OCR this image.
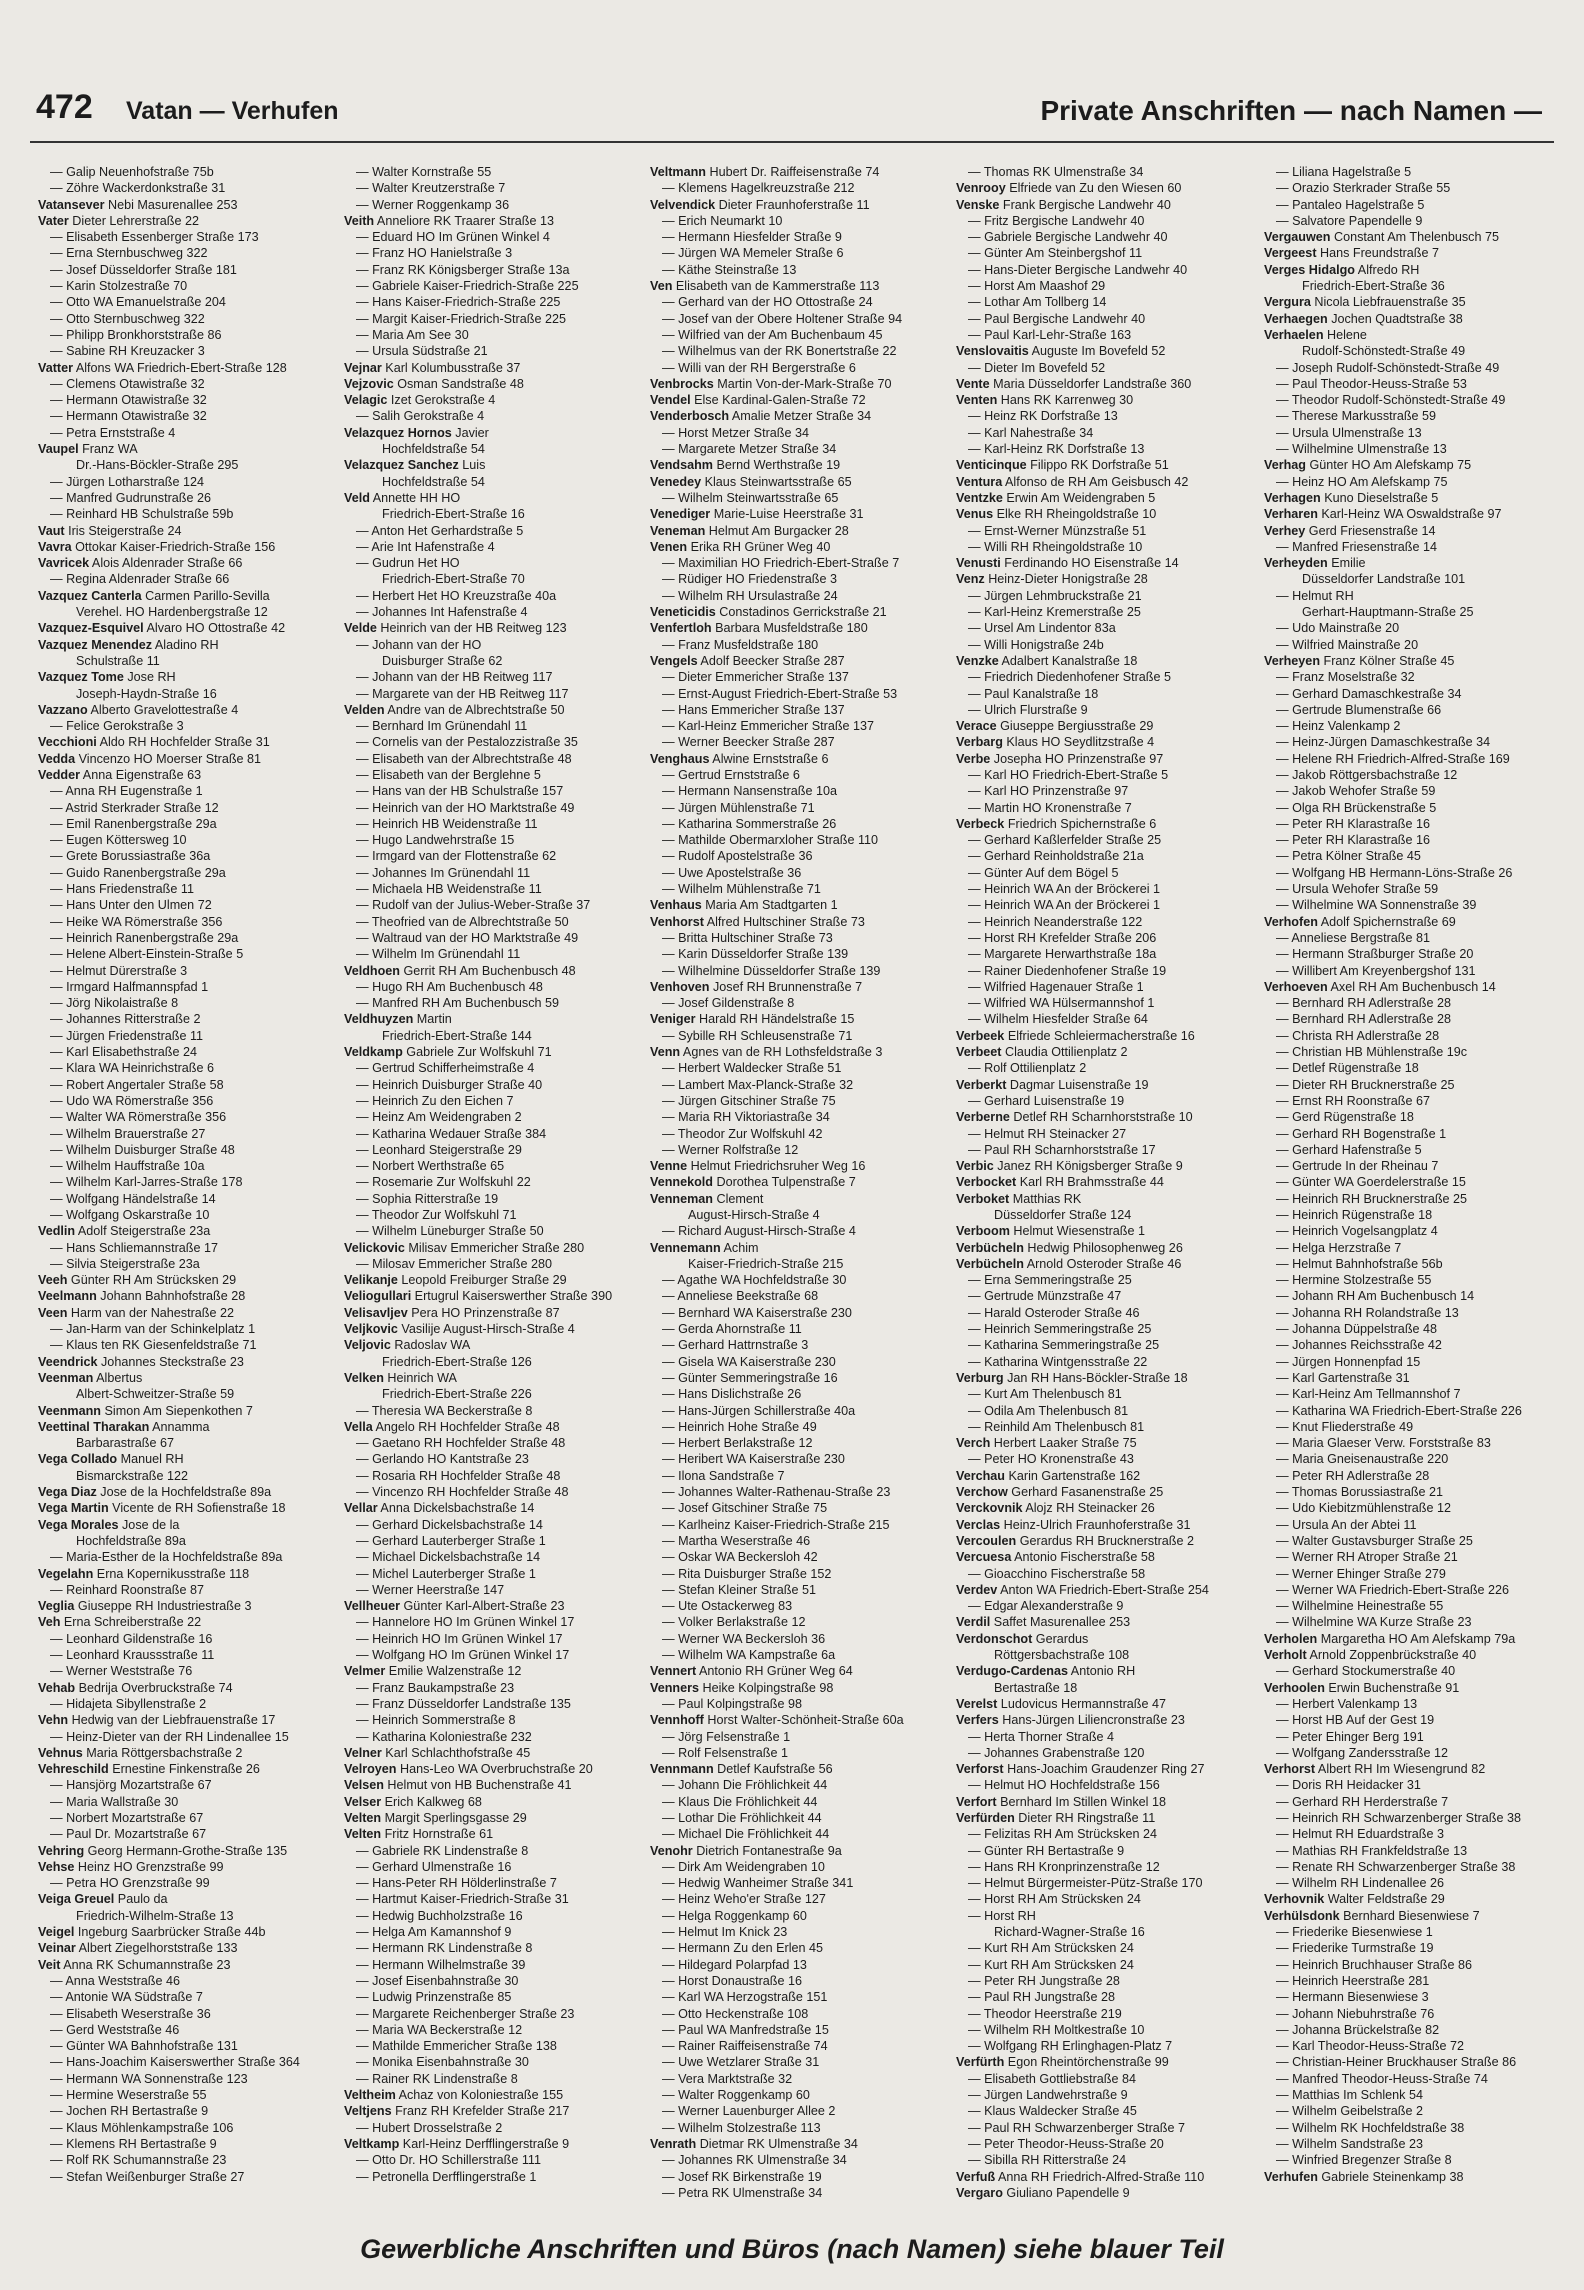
472 Vatan — Verhufen	Private Anschriften — nach Namen —
— Galip Neuenhofstraße 75b
— Zöhre Wackerdonkstraße 31
Vatansever Nebi Masurenallee 253
Vater Dieter Lehrerstraße 22
— Elisabeth Essenberger Straße 173
— Erna Sternbuschweg 322
— Josef Düsseldorfer Straße 181
— Karin Stolzestraße 70
— Otto WA Emanuelstraße 204
— Otto Sternbuschweg 322
— Philipp Bronkhorststraße 86
— Sabine RH Kreuzacker 3
Vatter Alfons WA Friedrich-Ebert-Straße 128
— Clemens Otawistraße 32
— Hermann Otawistraße 32
— Hermann Otawistraße 32
— Petra Ernststraße 4
Vaupel Franz WA
Dr.-Hans-Böckler-Straße 295
— Jürgen Lotharstraße 124
— Manfred Gudrunstraße 26
— Reinhard HB Schulstraße 59b
Vaut Iris Steigerstraße 24
Vavra Ottokar Kaiser-Friedrich-Straße 156
Vavricek Alois Aldenrader Straße 66
— Regina Aldenrader Straße 66
Vazquez Canterla Carmen Parillo-Sevilla
Verehel. HO Hardenbergstraße 12
Vazquez-Esquivel Alvaro HO Ottostraße 42
Vazquez Menendez Aladino RH
Schulstraße 11
Vazquez Tome Jose RH
Joseph-Haydn-Straße 16
Vazzano Alberto Gravelottestraße 4
— Felice Gerokstraße 3
Vecchioni Aldo RH Hochfelder Straße 31
Vedda Vincenzo HO Moerser Straße 81
Vedder Anna Eigenstraße 63
— Anna RH Eugenstraße 1
— Astrid Sterkrader Straße 12
— Emil Ranenbergstraße 29a
— Eugen Köttersweg 10
— Grete Borussiastraße 36a
— Guido Ranenbergstraße 29a
— Hans Friedenstraße 11
— Hans Unter den Ulmen 72
— Heike WA Römerstraße 356
— Heinrich Ranenbergstraße 29a
— Helene Albert-Einstein-Straße 5
— Helmut Dürerstraße 3
— Irmgard Halfmannspfad 1
— Jörg Nikolaistraße 8
— Johannes Ritterstraße 2
— Jürgen Friedenstraße 11
— Karl Elisabethstraße 24
— Klara WA Heinrichstraße 6
— Robert Angertaler Straße 58
— Udo WA Römerstraße 356
— Walter WA Römerstraße 356
— Wilhelm Brauerstraße 27
— Wilhelm Duisburger Straße 48
— Wilhelm Hauffstraße 10a
— Wilhelm Karl-Jarres-Straße 178
— Wolfgang Händelstraße 14
— Wolfgang Oskarstraße 10
Vedlin Adolf Steigerstraße 23a
— Hans Schliemannstraße 17
— Silvia Steigerstraße 23a
Veeh Günter RH Am Strücksken 29
Veelmann Johann Bahnhofstraße 28
Veen Harm van der Nahestraße 22
— Jan-Harm van der Schinkelplatz 1
— Klaus ten RK Giesenfeldstraße 71
Veendrick Johannes Steckstraße 23
Veenman Albertus
Albert-Schweitzer-Straße 59
Veenmann Simon Am Siepenkothen 7
Veettinal Tharakan Annamma
Barbarastraße 67
Vega Collado Manuel RH
Bismarckstraße 122
Vega Diaz Jose de la Hochfeldstraße 89a
Vega Martin Vicente de RH Sofienstraße 18
Vega Morales Jose de la
Hochfeldstraße 89a
— Maria-Esther de la Hochfeldstraße 89a
Vegelahn Erna Kopernikusstraße 118
— Reinhard Roonstraße 87
Veglia Giuseppe RH Industriestraße 3
Veh Erna Schreiberstraße 22
— Leonhard Gildenstraße 16
— Leonhard Kraussstraße 11
— Werner Weststraße 76
Vehab Bedrija Overbruckstraße 74
— Hidajeta Sibyllenstraße 2
Vehn Hedwig van der Liebfrauenstraße 17
— Heinz-Dieter van der RH Lindenallee 15
Vehnus Maria Röttgersbachstraße 2
Vehreschild Ernestine Finkenstraße 26
— Hansjörg Mozartstraße 67
— Maria Wallstraße 30
— Norbert Mozartstraße 67
— Paul Dr. Mozartstraße 67
Vehring Georg Hermann-Grothe-Straße 135
Vehse Heinz HO Grenzstraße 99
— Petra HO Grenzstraße 99
Veiga Greuel Paulo da
Friedrich-Wilhelm-Straße 13
Veigel Ingeburg Saarbrücker Straße 44b
Veinar Albert Ziegelhorststraße 133
Veit Anna RK Schumannstraße 23
— Anna Weststraße 46
— Antonie WA Südstraße 7
— Elisabeth Weserstraße 36
— Gerd Weststraße 46
— Günter WA Bahnhofstraße 131
— Hans-Joachim Kaiserswerther Straße 364
— Hermann WA Sonnenstraße 123
— Hermine Weserstraße 55
— Jochen RH Bertastraße 9
— Klaus Möhlenkampstraße 106
— Klemens RH Bertastraße 9
— Rolf RK Schumannstraße 23
— Stefan Weißenburger Straße 27
— Walter Kornstraße 55
— Walter Kreutzerstraße 7
— Werner Roggenkamp 36
Veith Anneliore RK Traarer Straße 13
— Eduard HO Im Grünen Winkel 4
— Franz HO Hanielstraße 3
— Franz RK Königsberger Straße 13a
— Gabriele Kaiser-Friedrich-Straße 225
— Hans Kaiser-Friedrich-Straße 225
— Margit Kaiser-Friedrich-Straße 225
— Maria Am See 30
— Ursula Südstraße 21
Vejnar Karl Kolumbusstraße 37
Vejzovic Osman Sandstraße 48
Velagic Izet Gerokstraße 4
— Salih Gerokstraße 4
Velazquez Hornos Javier
Hochfeldstraße 54
Velazquez Sanchez Luis
Hochfeldstraße 54
Veld Annette HH HO
Friedrich-Ebert-Straße 16
— Anton Het Gerhardstraße 5
— Arie Int Hafenstraße 4
— Gudrun Het HO
Friedrich-Ebert-Straße 70
— Herbert Het HO Kreuzstraße 40a
— Johannes Int Hafenstraße 4
Velde Heinrich van der HB Reitweg 123
— Johann van der HO
Duisburger Straße 62
— Johann van der HB Reitweg 117
— Margarete van der HB Reitweg 117
Velden Andre van de Albrechtstraße 50
— Bernhard Im Grünendahl 11
— Cornelis van der Pestalozzistraße 35
— Elisabeth van der Albrechtstraße 48
— Elisabeth van der Berglehne 5
— Hans van der HB Schulstraße 157
— Heinrich van der HO Marktstraße 49
— Heinrich HB Weidenstraße 11
— Hugo Landwehrstraße 15
— Irmgard van der Flottenstraße 62
— Johannes Im Grünendahl 11
— Michaela HB Weidenstraße 11
— Rudolf van der Julius-Weber-Straße 37
— Theofried van de Albrechtstraße 50
— Waltraud van der HO Marktstraße 49
— Wilhelm Im Grünendahl 11
Veldhoen Gerrit RH Am Buchenbusch 48
— Hugo RH Am Buchenbusch 48
— Manfred RH Am Buchenbusch 59
Veldhuyzen Martin
Friedrich-Ebert-Straße 144
Veldkamp Gabriele Zur Wolfskuhl 71
— Gertrud Schifferheimstraße 4
— Heinrich Duisburger Straße 40
— Heinrich Zu den Eichen 7
— Heinz Am Weidengraben 2
— Katharina Wedauer Straße 384
— Leonhard Steigerstraße 29
— Norbert Werthstraße 65
— Rosemarie Zur Wolfskuhl 22
— Sophia Ritterstraße 19
— Theodor Zur Wolfskuhl 71
— Wilhelm Lüneburger Straße 50
Velickovic Milisav Emmericher Straße 280
— Milosav Emmericher Straße 280
Velikanje Leopold Freiburger Straße 29
Veliogullari Ertugrul Kaiserswerther Straße 390
Velisavljev Pera HO Prinzenstraße 87
Veljkovic Vasilije August-Hirsch-Straße 4
Veljovic Radoslav WA
Friedrich-Ebert-Straße 126
Velken Heinrich WA
Friedrich-Ebert-Straße 226
— Theresia WA Beckerstraße 8
Vella Angelo RH Hochfelder Straße 48
— Gaetano RH Hochfelder Straße 48
— Gerlando HO Kantstraße 23
— Rosaria RH Hochfelder Straße 48
— Vincenzo RH Hochfelder Straße 48
Vellar Anna Dickelsbachstraße 14
— Gerhard Dickelsbachstraße 14
— Gerhard Lauterberger Straße 1
— Michael Dickelsbachstraße 14
— Michel Lauterberger Straße 1
— Werner Heerstraße 147
Vellheuer Günter Karl-Albert-Straße 23
— Hannelore HO Im Grünen Winkel 17
— Heinrich HO Im Grünen Winkel 17
— Wolfgang HO Im Grünen Winkel 17
Velmer Emilie Walzenstraße 12
— Franz Baukampstraße 23
— Franz Düsseldorfer Landstraße 135
— Heinrich Sommerstraße 8
— Katharina Koloniestraße 232
Velner Karl Schlachthofstraße 45
Velroyen Hans-Leo WA Overbruchstraße 20
Velsen Helmut von HB Buchenstraße 41
Velser Erich Kalkweg 68
Velten Margit Sperlingsgasse 29
Velten Fritz Hornstraße 61
— Gabriele RK Lindenstraße 8
— Gerhard Ulmenstraße 16
— Hans-Peter RH Hölderlinstraße 7
— Hartmut Kaiser-Friedrich-Straße 31
— Hedwig Buchholzstraße 16
— Helga Am Kamannshof 9
— Hermann RK Lindenstraße 8
— Hermann Wilhelmstraße 39
— Josef Eisenbahnstraße 30
— Ludwig Prinzenstraße 85
— Margarete Reichenberger Straße 23
— Maria WA Beckerstraße 12
— Mathilde Emmericher Straße 138
— Monika Eisenbahnstraße 30
— Rainer RK Lindenstraße 8
Veltheim Achaz von Koloniestraße 155
Veltjens Franz RH Krefelder Straße 217
— Hubert Drosselstraße 2
Veltkamp Karl-Heinz Derfflingerstraße 9
— Otto Dr. HO Schillerstraße 111
— Petronella Derfflingerstraße 1
Veltmann Hubert Dr. Raiffeisenstraße 74
— Klemens Hagelkreuzstraße 212
Velvendick Dieter Fraunhoferstraße 11
— Erich Neumarkt 10
— Hermann Hiesfelder Straße 9
— Jürgen WA Memeler Straße 6
— Käthe Steinstraße 13
Ven Elisabeth van de Kammerstraße 113
— Gerhard van der HO Ottostraße 24
— Josef van der Obere Holtener Straße 94
— Wilfried van der Am Buchenbaum 45
— Wilhelmus van der RK Bonertstraße 22
— Willi van der RH Bergerstraße 6
Venbrocks Martin Von-der-Mark-Straße 70
Vendel Else Kardinal-Galen-Straße 72
Venderbosch Amalie Metzer Straße 34
— Horst Metzer Straße 34
— Margarete Metzer Straße 34
Vendsahm Bernd Werthstraße 19
Venedey Klaus Steinwartsstraße 65
— Wilhelm Steinwartsstraße 65
Venediger Marie-Luise Heerstraße 31
Veneman Helmut Am Burgacker 28
Venen Erika RH Grüner Weg 40
— Maximilian HO Friedrich-Ebert-Straße 7
— Rüdiger HO Friedenstraße 3
— Wilhelm RH Ursulastraße 24
Veneticidis Constadinos Gerrickstraße 21
Venfertloh Barbara Musfeldstraße 180
— Franz Musfeldstraße 180
Vengels Adolf Beecker Straße 287
— Dieter Emmericher Straße 137
— Ernst-August Friedrich-Ebert-Straße 53
— Hans Emmericher Straße 137
— Karl-Heinz Emmericher Straße 137
— Werner Beecker Straße 287
Venghaus Alwine Ernststraße 6
— Gertrud Ernststraße 6
— Hermann Nansenstraße 10a
— Jürgen Mühlenstraße 71
— Katharina Sommerstraße 26
— Mathilde Obermarxloher Straße 110
— Rudolf Apostelstraße 36
— Uwe Apostelstraße 36
— Wilhelm Mühlenstraße 71
Venhaus Maria Am Stadtgarten 1
Venhorst Alfred Hultschiner Straße 73
— Britta Hultschiner Straße 73
— Karin Düsseldorfer Straße 139
— Wilhelmine Düsseldorfer Straße 139
Venhoven Josef RH Brunnenstraße 7
— Josef Gildenstraße 8
Veniger Harald RH Händelstraße 15
— Sybille RH Schleusenstraße 71
Venn Agnes van de RH Lothsfeldstraße 3
— Herbert Waldecker Straße 51
— Lambert Max-Planck-Straße 32
— Jürgen Gitschiner Straße 75
— Maria RH Viktoriastraße 34
— Theodor Zur Wolfskuhl 42
— Werner Rolfstraße 12
Venne Helmut Friedrichsruher Weg 16
Vennekold Dorothea Tulpenstraße 7
Venneman Clement
August-Hirsch-Straße 4
— Richard August-Hirsch-Straße 4
Vennemann Achim
Kaiser-Friedrich-Straße 215
— Agathe WA Hochfeldstraße 30
— Anneliese Beekstraße 68
— Bernhard WA Kaiserstraße 230
— Gerda Ahornstraße 11
— Gerhard Hattrnstraße 3
— Gisela WA Kaiserstraße 230
— Günter Semmeringstraße 16
— Hans Dislichstraße 26
— Hans-Jürgen Schillerstraße 40a
— Heinrich Hohe Straße 49
— Herbert Berlakstraße 12
— Heribert WA Kaiserstraße 230
— Ilona Sandstraße 7
— Johannes Walter-Rathenau-Straße 23
— Josef Gitschiner Straße 75
— Karlheinz Kaiser-Friedrich-Straße 215
— Martha Weserstraße 46
— Oskar WA Beckersloh 42
— Rita Duisburger Straße 152
— Stefan Kleiner Straße 51
— Ute Ostackerweg 83
— Volker Berlakstraße 12
— Werner WA Beckersloh 36
— Wilhelm WA Kampstraße 6a
Vennert Antonio RH Grüner Weg 64
Venners Heike Kolpingstraße 98
— Paul Kolpingstraße 98
Vennhoff Horst Walter-Schönheit-Straße 60a
— Jörg Felsenstraße 1
— Rolf Felsenstraße 1
Vennmann Detlef Kaufstraße 56
— Johann Die Fröhlichkeit 44
— Klaus Die Fröhlichkeit 44
— Lothar Die Fröhlichkeit 44
— Michael Die Fröhlichkeit 44
Venohr Dietrich Fontanestraße 9a
— Dirk Am Weidengraben 10
— Hedwig Wanheimer Straße 341
— Heinz Weho'er Straße 127
— Helga Roggenkamp 60
— Helmut Im Knick 23
— Hermann Zu den Erlen 45
— Hildegard Polarpfad 13
— Horst Donaustraße 16
— Karl WA Herzogstraße 151
— Otto Heckenstraße 108
— Paul WA Manfredstraße 15
— Rainer Raiffeisenstraße 74
— Uwe Wetzlarer Straße 31
— Vera Marktstraße 32
— Walter Roggenkamp 60
— Werner Lauenburger Allee 2
— Wilhelm Stolzestraße 113
Venrath Dietmar RK Ulmenstraße 34
— Johannes RK Ulmenstraße 34
— Josef RK Birkenstraße 19
— Petra RK Ulmenstraße 34
— Thomas RK Ulmenstraße 34
Venrooy Elfriede van Zu den Wiesen 60
Venske Frank Bergische Landwehr 40
— Fritz Bergische Landwehr 40
— Gabriele Bergische Landwehr 40
— Günter Am Steinbergshof 11
— Hans-Dieter Bergische Landwehr 40
— Horst Am Maashof 29
— Lothar Am Tollberg 14
— Paul Bergische Landwehr 40
— Paul Karl-Lehr-Straße 163
Venslovaitis Auguste Im Bovefeld 52
— Dieter Im Bovefeld 52
Vente Maria Düsseldorfer Landstraße 360
Venten Hans RK Karrenweg 30
— Heinz RK Dorfstraße 13
— Karl Nahestraße 34
— Karl-Heinz RK Dorfstraße 13
Venticinque Filippo RK Dorfstraße 51
Ventura Alfonso de RH Am Geisbusch 42
Ventzke Erwin Am Weidengraben 5
Venus Elke RH Rheingoldstraße 10
— Ernst-Werner Münzstraße 51
— Willi RH Rheingoldstraße 10
Venusti Ferdinando HO Eisenstraße 14
Venz Heinz-Dieter Honigstraße 28
— Jürgen Lehmbruckstraße 21
— Karl-Heinz Kremerstraße 25
— Ursel Am Lindentor 83a
— Willi Honigstraße 24b
Venzke Adalbert Kanalstraße 18
— Friedrich Diedenhofener Straße 5
— Paul Kanalstraße 18
— Ulrich Flurstraße 9
Verace Giuseppe Bergiusstraße 29
Verbarg Klaus HO Seydlitzstraße 4
Verbe Josepha HO Prinzenstraße 97
— Karl HO Friedrich-Ebert-Straße 5
— Karl HO Prinzenstraße 97
— Martin HO Kronenstraße 7
Verbeck Friedrich Spichernstraße 6
— Gerhard Kaßlerfelder Straße 25
— Gerhard Reinholdstraße 21a
— Günter Auf dem Bögel 5
— Heinrich WA An der Bröckerei 1
— Heinrich WA An der Bröckerei 1
— Heinrich Neanderstraße 122
— Horst RH Krefelder Straße 206
— Margarete Herwarthstraße 18a
— Rainer Diedenhofener Straße 19
— Wilfried Hagenauer Straße 1
— Wilfried WA Hülsermannshof 1
— Wilhelm Hiesfelder Straße 64
Verbeek Elfriede Schleiermacherstraße 16
Verbeet Claudia Ottilienplatz 2
— Rolf Ottilienplatz 2
Verberkt Dagmar Luisenstraße 19
— Gerhard Luisenstraße 19
Verberne Detlef RH Scharnhorststraße 10
— Helmut RH Steinacker 27
— Paul RH Scharnhorststraße 17
Verbic Janez RH Königsberger Straße 9
Verbocket Karl RH Brahmsstraße 44
Verboket Matthias RK
Düsseldorfer Straße 124
Verboom Helmut Wiesenstraße 1
Verbücheln Hedwig Philosophenweg 26
Verbücheln Arnold Osteroder Straße 46
— Erna Semmeringstraße 25
— Gertrude Münzstraße 47
— Harald Osteroder Straße 46
— Heinrich Semmeringstraße 25
— Katharina Semmeringstraße 25
— Katharina Wintgensstraße 22
Verburg Jan RH Hans-Böckler-Straße 18
— Kurt Am Thelenbusch 81
— Odila Am Thelenbusch 81
— Reinhild Am Thelenbusch 81
Verch Herbert Laaker Straße 75
— Peter HO Kronenstraße 43
Verchau Karin Gartenstraße 162
Verchow Gerhard Fasanenstraße 25
Verckovnik Alojz RH Steinacker 26
Verclas Heinz-Ulrich Fraunhoferstraße 31
Vercoulen Gerardus RH Brucknerstraße 2
Vercuesa Antonio Fischerstraße 58
— Gioacchino Fischerstraße 58
Verdev Anton WA Friedrich-Ebert-Straße 254
— Edgar Alexanderstraße 9
Verdil Saffet Masurenallee 253
Verdonschot Gerardus
Röttgersbachstraße 108
Verdugo-Cardenas Antonio RH
Bertastraße 18
Verelst Ludovicus Hermannstraße 47
Verfers Hans-Jürgen Liliencronstraße 23
— Herta Thorner Straße 4
— Johannes Grabenstraße 120
Verforst Hans-Joachim Graudenzer Ring 27
— Helmut HO Hochfeldstraße 156
Verfort Bernhard Im Stillen Winkel 18
Verfürden Dieter RH Ringstraße 11
— Felizitas RH Am Strücksken 24
— Günter RH Bertastraße 9
— Hans RH Kronprinzenstraße 12
— Helmut Bürgermeister-Pütz-Straße 170
— Horst RH Am Strücksken 24
— Horst RH
Richard-Wagner-Straße 16
— Kurt RH Am Strücksken 24
— Kurt RH Am Strücksken 24
— Peter RH Jungstraße 28
— Paul RH Jungstraße 28
— Theodor Heerstraße 219
— Wilhelm RH Moltkestraße 10
— Wolfgang RH Erlinghagen-Platz 7
Verfürth Egon Rheintörchenstraße 99
— Elisabeth Gottliebstraße 84
— Jürgen Landwehrstraße 9
— Klaus Waldecker Straße 45
— Paul RH Schwarzenberger Straße 7
— Peter Theodor-Heuss-Straße 20
— Sibilla RH Ritterstraße 24
Verfuß Anna RH Friedrich-Alfred-Straße 110
Vergaro Giuliano Papendelle 9
— Liliana Hagelstraße 5
— Orazio Sterkrader Straße 55
— Pantaleo Hagelstraße 5
— Salvatore Papendelle 9
Vergauwen Constant Am Thelenbusch 75
Vergeest Hans Freundstraße 7
Verges Hidalgo Alfredo RH
Friedrich-Ebert-Straße 36
Vergura Nicola Liebfrauenstraße 35
Verhaegen Jochen Quadtstraße 38
Verhaelen Helene
Rudolf-Schönstedt-Straße 49
— Joseph Rudolf-Schönstedt-Straße 49
— Paul Theodor-Heuss-Straße 53
— Theodor Rudolf-Schönstedt-Straße 49
— Therese Markusstraße 59
— Ursula Ulmenstraße 13
— Wilhelmine Ulmenstraße 13
Verhag Günter HO Am Alefskamp 75
— Heinz HO Am Alefskamp 75
Verhagen Kuno Dieselstraße 5
Verharen Karl-Heinz WA Oswaldstraße 97
Verhey Gerd Friesenstraße 14
— Manfred Friesenstraße 14
Verheyden Emilie
Düsseldorfer Landstraße 101
— Helmut RH
Gerhart-Hauptmann-Straße 25
— Udo Mainstraße 20
— Wilfried Mainstraße 20
Verheyen Franz Kölner Straße 45
— Franz Moselstraße 32
— Gerhard Damaschkestraße 34
— Gertrude Blumenstraße 66
— Heinz Valenkamp 2
— Heinz-Jürgen Damaschkestraße 34
— Helene RH Friedrich-Alfred-Straße 169
— Jakob Röttgersbachstraße 12
— Jakob Wehofer Straße 59
— Olga RH Brückenstraße 5
— Peter RH Klarastraße 16
— Peter RH Klarastraße 16
— Petra Kölner Straße 45
— Wolfgang HB Hermann-Löns-Straße 26
— Ursula Wehofer Straße 59
— Wilhelmine WA Sonnenstraße 39
Verhofen Adolf Spichernstraße 69
— Anneliese Bergstraße 81
— Hermann Straßburger Straße 20
— Willibert Am Kreyenbergshof 131
Verhoeven Axel RH Am Buchenbusch 14
— Bernhard RH Adlerstraße 28
— Bernhard RH Adlerstraße 28
— Christa RH Adlerstraße 28
— Christian HB Mühlenstraße 19c
— Detlef Rügenstraße 18
— Dieter RH Brucknerstraße 25
— Ernst RH Roonstraße 67
— Gerd Rügenstraße 18
— Gerhard RH Bogenstraße 1
— Gerhard Hafenstraße 5
— Gertrude In der Rheinau 7
— Günter WA Goerdelerstraße 15
— Heinrich RH Brucknerstraße 25
— Heinrich Rügenstraße 18
— Heinrich Vogelsangplatz 4
— Helga Herzstraße 7
— Helmut Bahnhofstraße 56b
— Hermine Stolzestraße 55
— Johann RH Am Buchenbusch 14
— Johanna RH Rolandstraße 13
— Johanna Düppelstraße 48
— Johannes Reichsstraße 42
— Jürgen Honnenpfad 15
— Karl Gartenstraße 31
— Karl-Heinz Am Tellmannshof 7
— Katharina WA Friedrich-Ebert-Straße 226
— Knut Fliederstraße 49
— Maria Glaeser Verw. Forststraße 83
— Maria Gneisenaustraße 220
— Peter RH Adlerstraße 28
— Thomas Borussiastraße 21
— Udo Kiebitzmühlenstraße 12
— Ursula An der Abtei 11
— Walter Gustavsburger Straße 25
— Werner RH Atroper Straße 21
— Werner Ehinger Straße 279
— Werner WA Friedrich-Ebert-Straße 226
— Wilhelmine Heinestraße 55
— Wilhelmine WA Kurze Straße 23
Verholen Margaretha HO Am Alefskamp 79a
Verholt Arnold Zoppenbrückstraße 40
— Gerhard Stockumerstraße 40
Verhoolen Erwin Buchenstraße 91
— Herbert Valenkamp 13
— Horst HB Auf der Gest 19
— Peter Ehinger Berg 191
— Wolfgang Zandersstraße 12
Verhorst Albert RH Im Wiesengrund 82
— Doris RH Heidacker 31
— Gerhard RH Herderstraße 7
— Heinrich RH Schwarzenberger Straße 38
— Helmut RH Eduardstraße 3
— Mathias RH Frankfeldstraße 13
— Renate RH Schwarzenberger Straße 38
— Wilhelm RH Lindenallee 26
Verhovnik Walter Feldstraße 29
Verhülsdonk Bernhard Biesenwiese 7
— Friederike Biesenwiese 1
— Friederike Turmstraße 19
— Heinrich Bruchhauser Straße 86
— Heinrich Heerstraße 281
— Hermann Biesenwiese 3
— Johann Niebuhrstraße 76
— Johanna Brückelstraße 82
— Karl Theodor-Heuss-Straße 72
— Christian-Heiner Bruckhauser Straße 86
— Manfred Theodor-Heuss-Straße 74
— Matthias Im Schlenk 54
— Wilhelm Geibelstraße 2
— Wilhelm RK Hochfeldstraße 38
— Wilhelm Sandstraße 23
— Winfried Bregenzer Straße 8
Verhufen Gabriele Steinenkamp 38
Gewerbliche Anschriften und Büros (nach Namen) siehe blauer Teil
